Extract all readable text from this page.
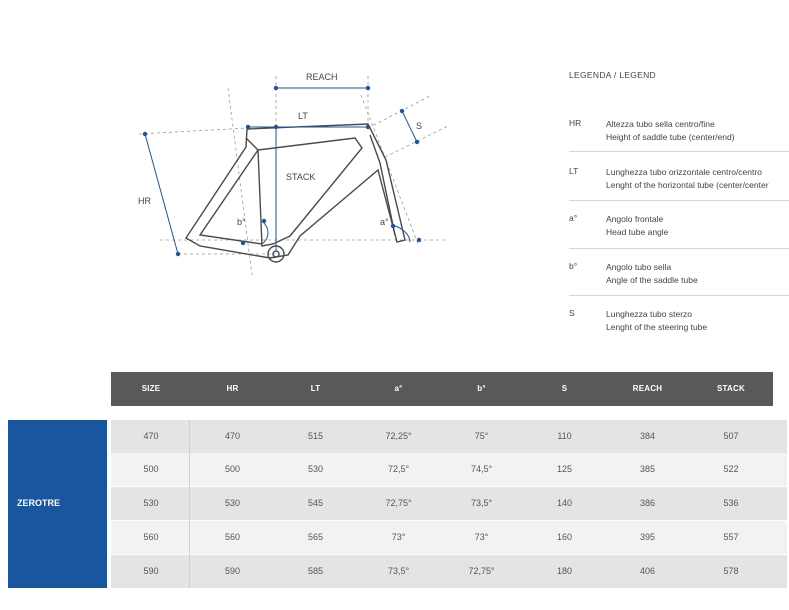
REACH
LT
S
STACK
HR
b°	a°
LEGENDA / LEGEND
HR	Altezza tubo sella centro/fine
Height of saddle tube (center/end)
LT	Lunghezza tubo orizzontale centro/centro
Lenght of the horizontal tube (center/center
a°	Angolo frontale
Head tube angle
b°	Angolo tubo sella
Angle of the saddle tube
S	Lunghezza tubo sterzo
Lenght of the steering tube
SIZE	HR	LT	a°	b°	S	REACH	STACK
ZEROTRE
470	470	515	72,25°	75°	110	384	507
500	500	530	72,5°	74,5°	125	385	522
530	530	545	72,75°	73,5°	140	386	536
560	560	565	73°	73°	160	395	557
590	590	585	73,5°	72,75°	180	406	578
